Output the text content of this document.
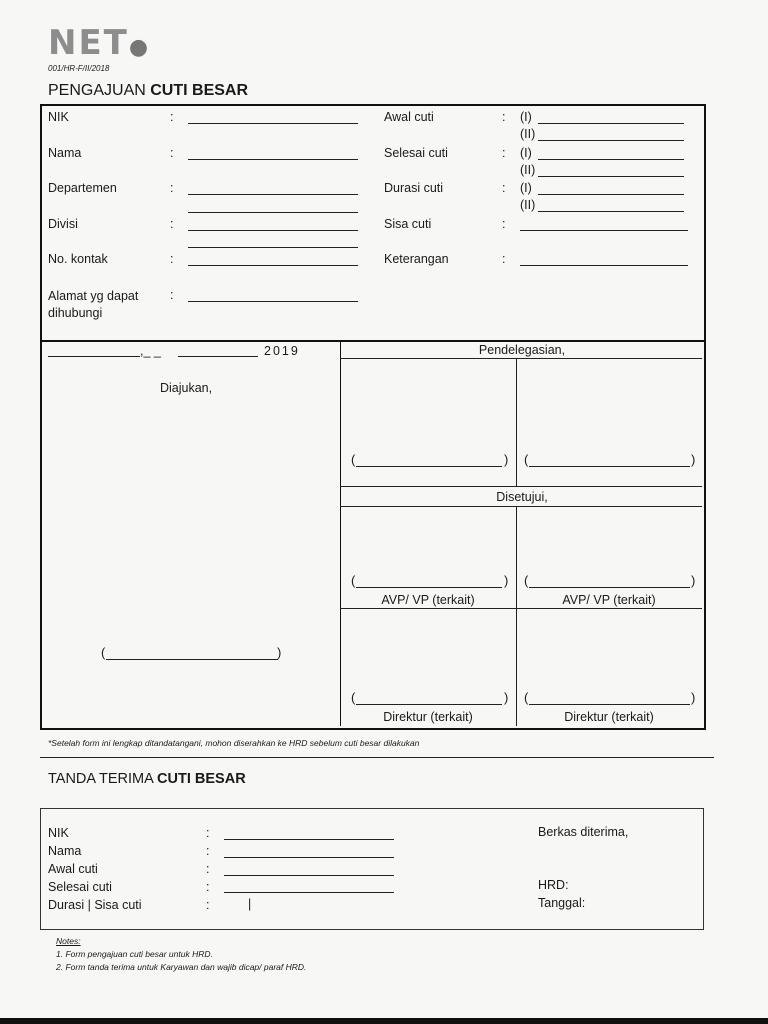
NET●
001/HR-F/II/2018
PENGAJUAN CUTI BESAR
NIK	:
Nama	:
Departemen	:
Divisi	:
No. kontak	:
Alamat yg dapat dihubungi
:
Awal cuti	: (I)
(II)
Selesai cuti	: (I)
(II)
Durasi cuti	: (I)
(II)
Sisa cuti	:
Keterangan	:
,_ _	2019
Diajukan,
(	)
Pendelegasian,
(	) (	)
Disetujui,
(	) (	)
AVP/ VP (terkait)	AVP/ VP (terkait)
(	) (	)
Direktur (terkait)	Direktur (terkait)
*Setelah form ini lengkap ditandatangani, mohon diserahkan ke HRD sebelum cuti besar dilakukan
TANDA TERIMA CUTI BESAR
NIK	:
Nama	:
Awal cuti	:
Selesai cuti	:
Durasi | Sisa cuti	:	|
Berkas diterima,
HRD:
Tanggal:
Notes:
1. Form pengajuan cuti besar untuk HRD.
2. Form tanda terima untuk Karyawan dan wajib dicap/ paraf HRD.
